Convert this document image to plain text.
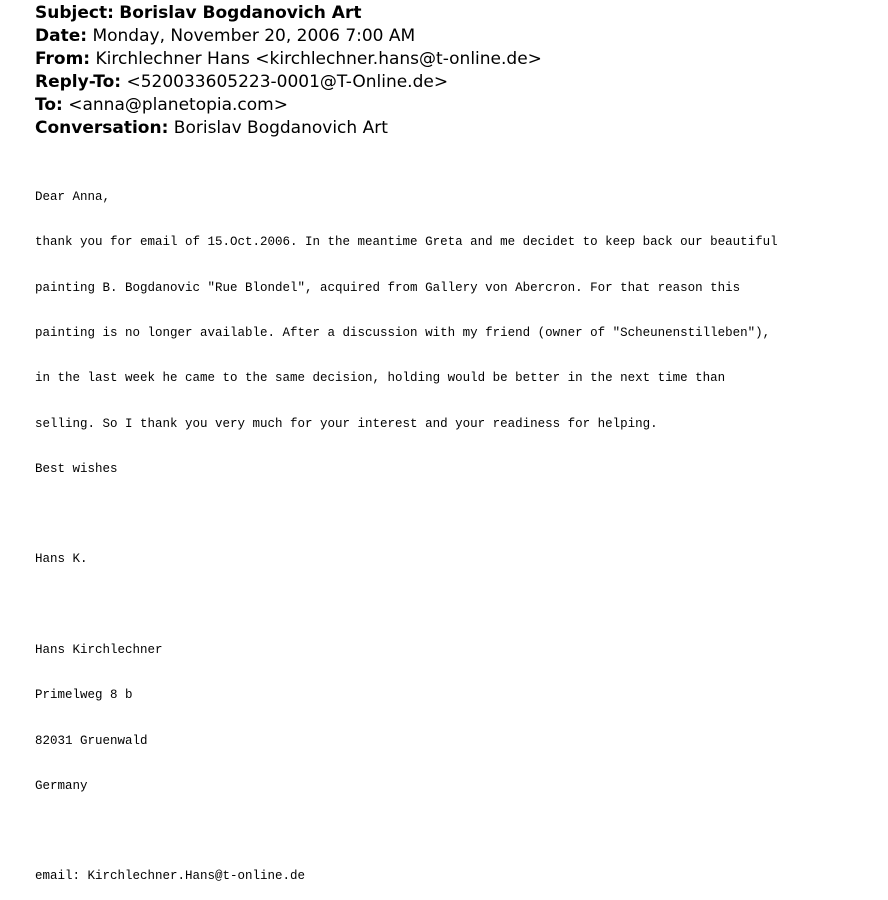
Subject: Borislav Bogdanovich Art
Date: Monday, November 20, 2006 7:00 AM
From: Kirchlechner Hans <kirchlechner.hans@t-online.de>
Reply-To: <520033605223-0001@T-Online.de>
To: <anna@planetopia.com>
Conversation: Borislav Bogdanovich Art

Dear Anna,

thank you for email of 15.Oct.2006. In the meantime Greta and me decidet to keep back our beautiful

painting B. Bogdanovic "Rue Blondel", acquired from Gallery von Abercron. For that reason this

painting is no longer available. After a discussion with my friend (owner of "Scheunenstilleben"),

in the last week he came to the same decision, holding would be better in the next time than

selling. So I thank you very much for your interest and your readiness for helping.

Best wishes

Hans K.

Hans Kirchlechner

Primelweg 8 b

82031 Gruenwald

Germany

email: Kirchlechner.Hans@t-online.de
